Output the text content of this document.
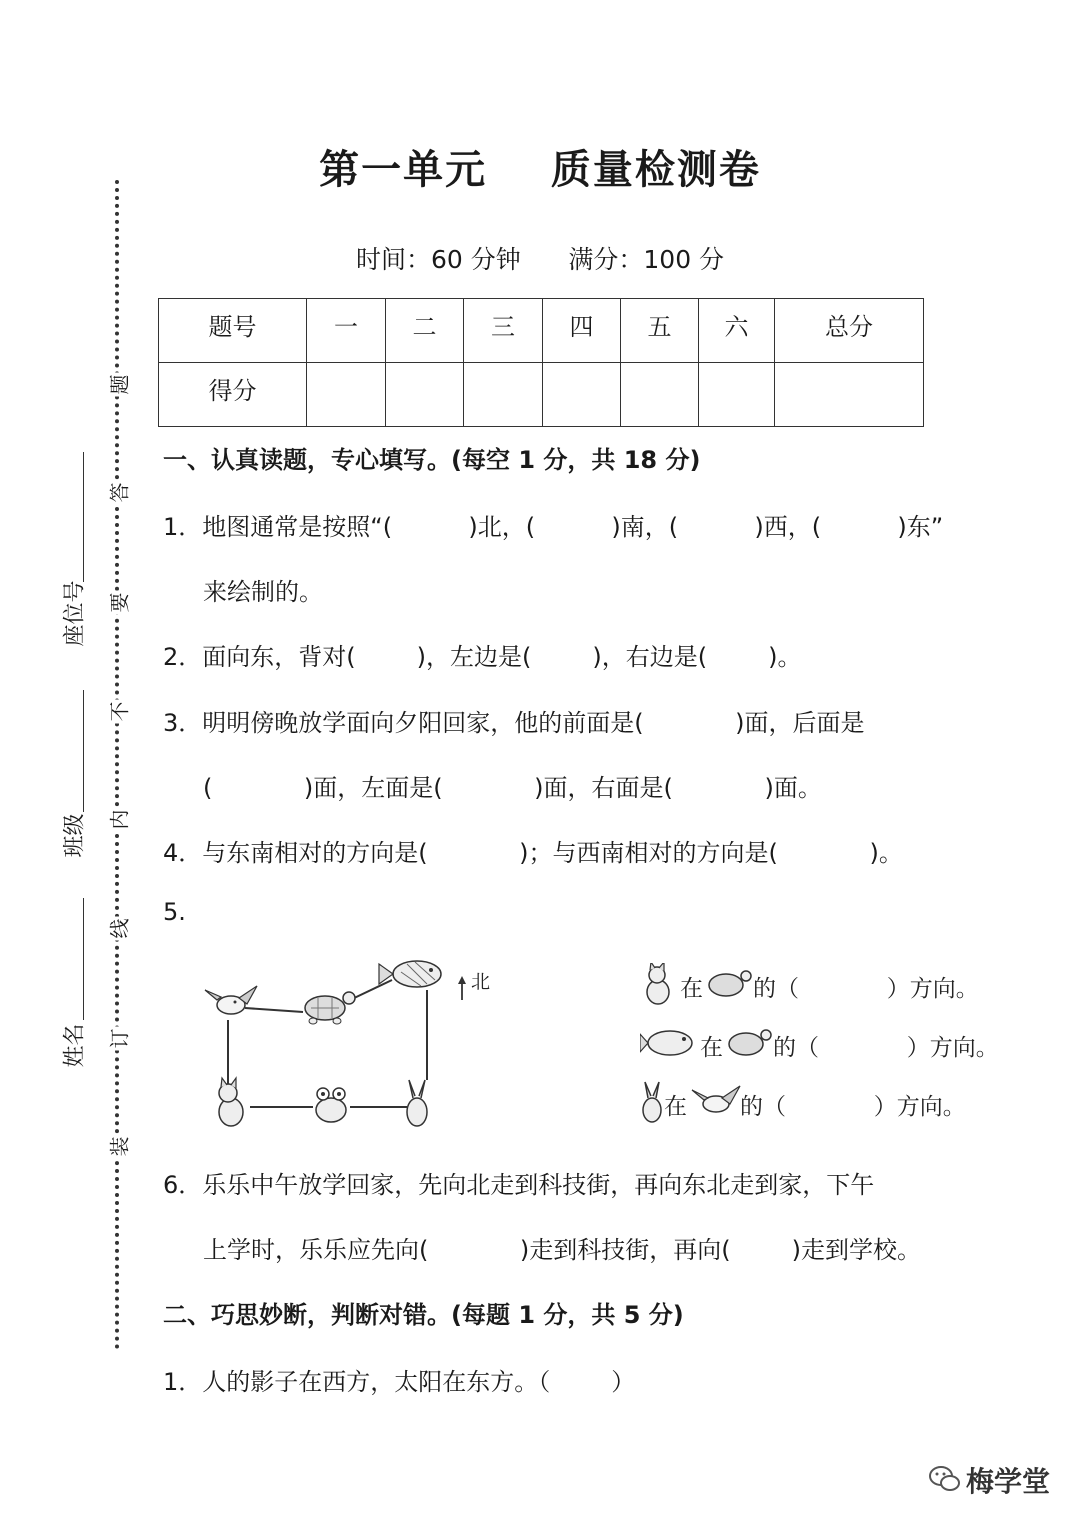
第一单元    质量检测卷
时间：60 分钟      满分：100 分
题号	一	二	三	四	五	六	总分
得分							
题
答
要
不
内
线
订
装
座位号
班级
姓名
一、认真读题，专心填写。(每空 1 分，共 18 分)
1．地图通常是按照“(          )北，(          )南，(          )西，(          )东”
来绘制的。
2．面向东，背对(        )，左边是(        )，右边是(        )。
3．明明傍晚放学面向夕阳回家，他的前面是(            )面，后面是
(            )面，左面是(            )面，右面是(            )面。
4．与东南相对的方向是(            )；与西南相对的方向是(            )。
5.
北	在 的（            ）方向。
在 的（            ）方向。
在 的（            ）方向。
6．乐乐中午放学回家，先向北走到科技街，再向东北走到家，下午
上学时，乐乐应先向(            )走到科技街，再向(        )走到学校。
二、巧思妙断，判断对错。(每题 1 分，共 5 分)
1．人的影子在西方，太阳在东方。（        ）
梅学堂
